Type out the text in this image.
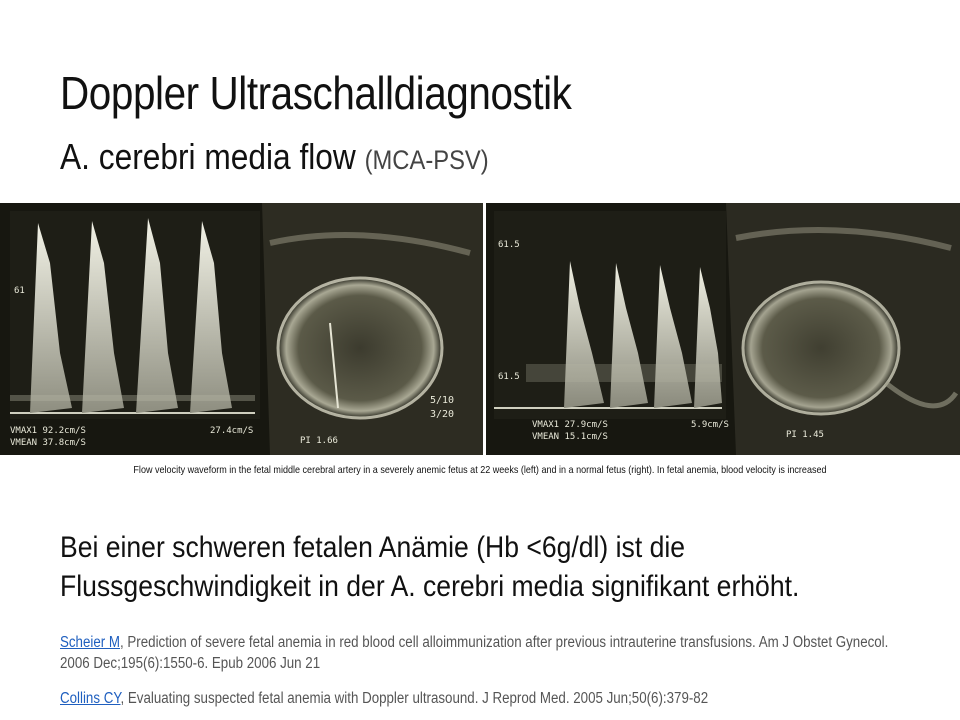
Doppler Ultraschalldiagnostik
A. cerebri media flow (MCA-PSV)
61
5/10
3/20
VMAX1 92.2cm/S
VMEAN 37.8cm/S
27.4cm/S
PI 1.66
61.5
61.5
VMAX1 27.9cm/S
VMEAN 15.1cm/S
5.9cm/S
PI 1.45
Flow velocity waveform in the fetal middle cerebral artery in a severely anemic fetus at 22 weeks (left) and in a normal fetus (right). In fetal anemia, blood velocity is increased

Bei einer schweren fetalen Anämie (Hb <6g/dl) ist die Flussgeschwindigkeit in der A. cerebri media signifikant erhöht.

Scheier M, Prediction of severe fetal anemia in red blood cell alloimmunization after previous intrauterine transfusions. Am J Obstet Gynecol. 2006 Dec;195(6):1550-6. Epub 2006 Jun 21
Collins CY, Evaluating suspected fetal anemia with Doppler ultrasound. J Reprod Med. 2005 Jun;50(6):379-82
